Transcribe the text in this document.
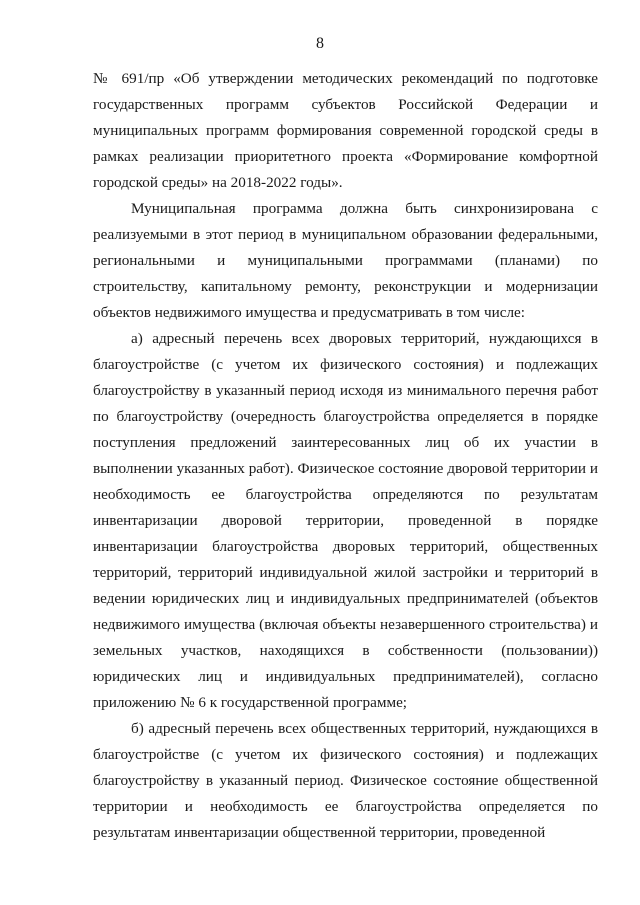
8

№ 691/пр «Об утверждении методических рекомендаций по подготовке государственных программ субъектов Российской Федерации и муниципальных программ формирования современной городской среды в рамках реализации приоритетного проекта «Формирование комфортной городской среды» на 2018-2022 годы».

Муниципальная программа должна быть синхронизирована с реализуемыми в этот период в муниципальном образовании федеральными, региональными и муниципальными программами (планами) по строительству, капитальному ремонту, реконструкции и модернизации объектов недвижимого имущества и предусматривать в том числе:

а) адресный перечень всех дворовых территорий, нуждающихся в благоустройстве (с учетом их физического состояния) и подлежащих благоустройству в указанный период исходя из минимального перечня работ по благоустройству (очередность благоустройства определяется в порядке поступления предложений заинтересованных лиц об их участии в выполнении указанных работ). Физическое состояние дворовой территории и необходимость ее благоустройства определяются по результатам инвентаризации дворовой территории, проведенной в порядке инвентаризации благоустройства дворовых территорий, общественных территорий, территорий индивидуальной жилой застройки и территорий в ведении юридических лиц и индивидуальных предпринимателей (объектов недвижимого имущества (включая объекты незавершенного строительства) и земельных участков, находящихся в собственности (пользовании)) юридических лиц и индивидуальных предпринимателей), согласно приложению № 6 к государственной программе;

б) адресный перечень всех общественных территорий, нуждающихся в благоустройстве (с учетом их физического состояния) и подлежащих благоустройству в указанный период. Физическое состояние общественной территории и необходимость ее благоустройства определяется по результатам инвентаризации общественной территории, проведенной
